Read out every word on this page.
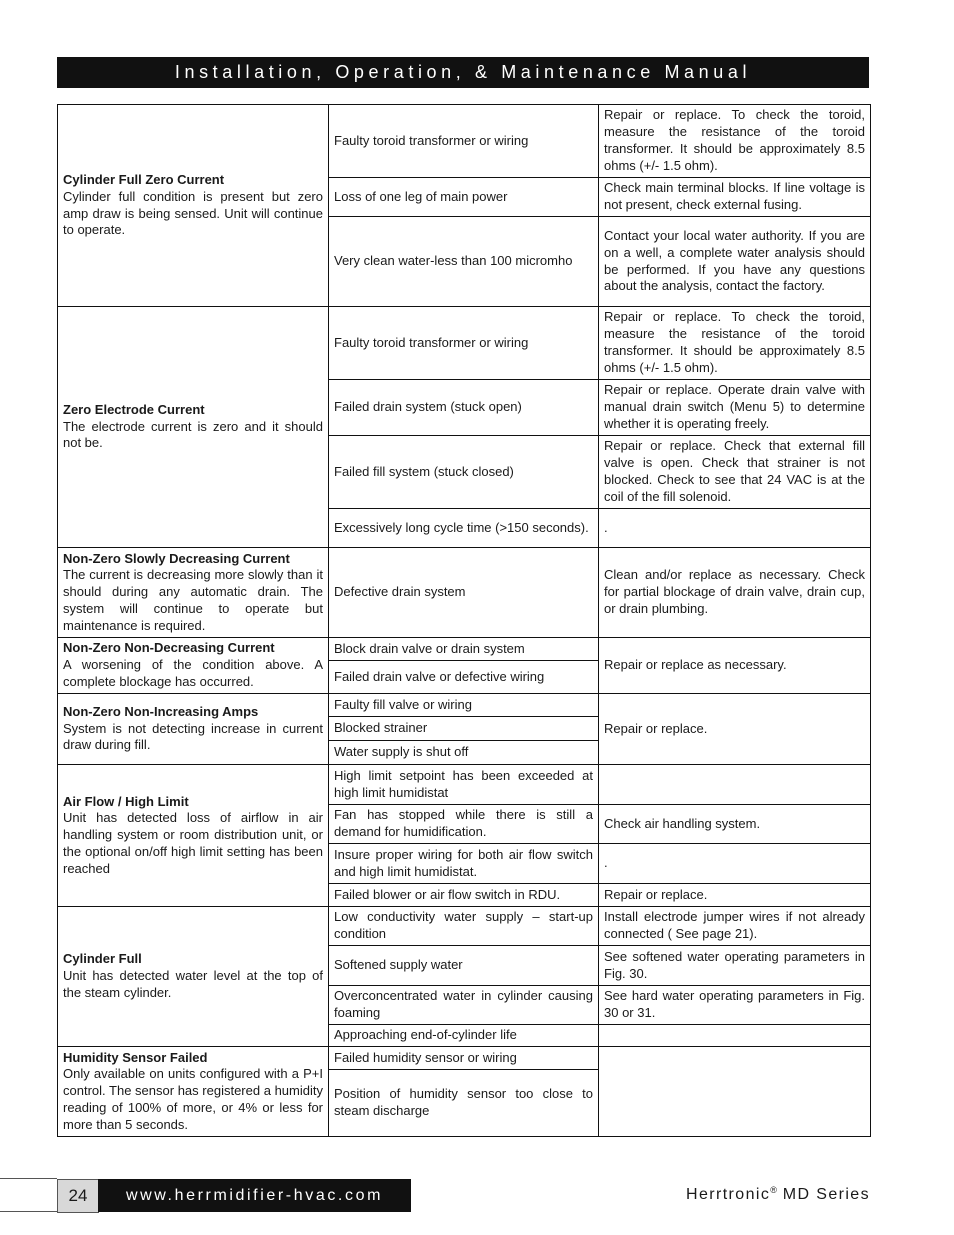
Installation, Operation, & Maintenance Manual
Cylinder Full Zero Current
Cylinder full condition is present but zero amp draw is being sensed. Unit will continue to operate.	Faulty toroid transformer or wiring	Repair or replace. To check the toroid, measure the resistance of the toroid transformer. It should be approximately 8.5 ohms (+/- 1.5 ohm).
	Loss of one leg of main power	Check main terminal blocks. If line voltage is not present, check external fusing.
	Very clean water-less than 100 micromho	Contact your local water authority. If you are on a well, a complete water analysis should be performed. If you have any questions about the analysis, contact the factory.

Zero Electrode Current
The electrode current is zero and it should not be.	Faulty toroid transformer or wiring	Repair or replace. To check the toroid, measure the resistance of the toroid transformer. It should be approximately 8.5 ohms (+/- 1.5 ohm).
	Failed drain system (stuck open)	Repair or replace. Operate drain valve with manual drain switch (Menu 5) to determine whether it is operating freely.
	Failed fill system (stuck closed)	Repair or replace. Check that external fill valve is open. Check that strainer is not blocked. Check to see that 24 VAC is at the coil of the fill solenoid.
	Excessively long cycle time (>150 seconds).	.

Non-Zero Slowly Decreasing Current
The current is decreasing more slowly than it should during any automatic drain. The system will continue to operate but maintenance is required.	Defective drain system	Clean and/or replace as necessary. Check for partial blockage of drain valve, drain cup, or drain plumbing.

Non-Zero Non-Decreasing Current
A worsening of the condition above. A complete blockage has occurred.	Block drain valve or drain system	Repair or replace as necessary.
	Failed drain valve or defective wiring	

Non-Zero Non-Increasing Amps
System is not detecting increase in current draw during fill.	Faulty fill valve or wiring	Repair or replace.
	Blocked strainer	
	Water supply is shut off	

Air Flow / High Limit
Unit has detected loss of airflow in air handling system or room distribution unit, or the optional on/off high limit setting has been reached	High limit setpoint has been exceeded at high limit humidistat	
	Fan has stopped while there is still a demand for humidification.	Check air handling system.
	Insure proper wiring for both air flow switch and high limit humidistat.	.
	Failed blower or air flow switch in RDU.	Repair or replace.

Cylinder Full
Unit has detected water level at the top of the steam cylinder.	Low conductivity water supply – start-up condition	Install electrode jumper wires if not already connected ( See page 21).
	Softened supply water	See softened water operating parameters in Fig. 30.
	Overconcentrated water in cylinder causing foaming	See hard water operating parameters in Fig. 30 or 31.
	Approaching end-of-cylinder life	

Humidity Sensor Failed
Only available on units configured with a P+I control. The sensor has registered a humidity reading of 100% of more, or 4% or less for more than 5 seconds.	Failed humidity sensor or wiring	
	Position of humidity sensor too close to steam discharge	
24	www.herrmidifier-hvac.com	Herrtronic® MD Series
